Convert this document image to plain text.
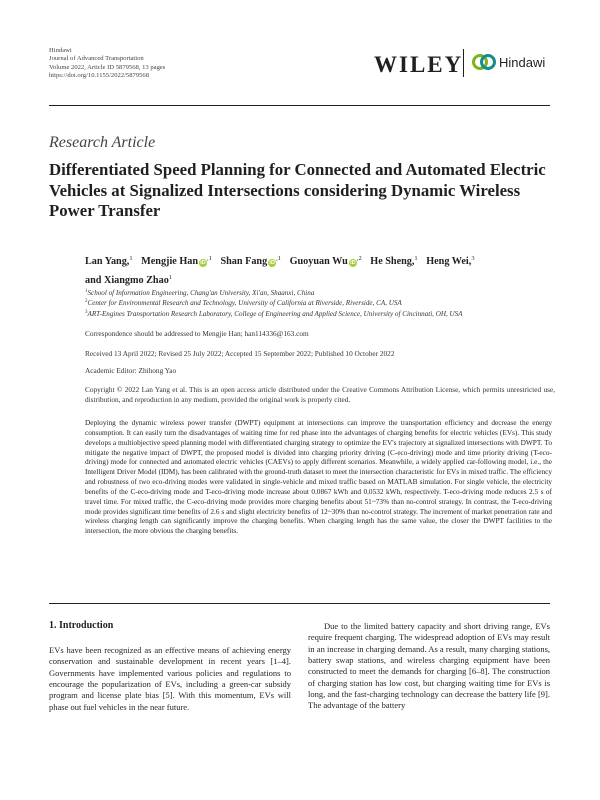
Hindawi
Journal of Advanced Transportation
Volume 2022, Article ID 5879568, 13 pages
https://doi.org/10.1155/2022/5879568	WILEY	Hindawi
Research Article
Differentiated Speed Planning for Connected and Automated Electric Vehicles at Signalized Intersections considering Dynamic Wireless Power Transfer
Lan Yang,$^1$ Mengjie Han $iD^{,1}$ Shan Fang $iD^{,1}$ Guoyuan Wu $iD^{,2}$ He Sheng,$^1$ Heng Wei,$^3$
and Xiangmo Zhao$^1$
$^1$School of Information Engineering, Chang'an University, Xi'an, Shaanxi, China
$^2$Center for Environmental Research and Technology, University of California at Riverside, Riverside, CA, USA
$^3$ART-Engines Transportation Research Laboratory, College of Engineering and Applied Science, University of Cincinnati, OH, USA
Correspondence should be addressed to Mengjie Han; han114336@163.com
Received 13 April 2022; Revised 25 July 2022; Accepted 15 September 2022; Published 10 October 2022
Academic Editor: Zhihong Yao
Copyright © 2022 Lan Yang et al. This is an open access article distributed under the Creative Commons Attribution License, which permits unrestricted use, distribution, and reproduction in any medium, provided the original work is properly cited.
Deploying the dynamic wireless power transfer (DWPT) equipment at intersections can improve the transportation efficiency and decrease the energy consumption. It can easily turn the disadvantages of waiting time for red phase into the advantages of charging benefits for electric vehicles (EVs). This study develops a multiobjective speed planning model with differentiated charging strategy to optimize the EV's trajectory at signalized intersections with DWPT. To mitigate the negative impact of DWPT, the proposed model is divided into charging priority driving (C-eco-driving) mode and time priority driving (T-eco-driving) mode for connected and automated electric vehicles (CAEVs) to apply different scenarios. Meanwhile, a widely applied car-following model, i.e., the Intelligent Driver Model (IDM), has been calibrated with the ground-truth dataset to meet the intersection characteristic for EVs in mixed traffic. The efficiency and robustness of two eco-driving modes were validated in single-vehicle and mixed traffic based on MATLAB simulation. For single vehicle, the electricity benefits of the C-eco-driving mode and T-eco-driving mode increase about 0.0867 kWh and 0.0532 kWh, respectively. T-eco-driving mode reduces 2.5 s of travel time. For mixed traffic, the C-eco-driving mode provides more charging benefits about 51~73% than no-control strategy. In contrast, the T-eco-driving mode provides significant time benefits of 2.6 s and slight electricity benefits of 12~30% than no-control strategy. The increment of market penetration rate and wireless charging length can significantly improve the charging benefits. When charging length has the same value, the closer the DWPT facilities to the intersection, the more obvious the charging benefits.
1. Introduction
EVs have been recognized as an effective means of achieving energy conservation and sustainable development in recent years [1–4]. Governments have implemented various policies and regulations to encourage the popularization of EVs, including a green-car subsidy program and license plate bias [5]. With this momentum, EVs will phase out fuel vehicles in the near future.
Due to the limited battery capacity and short driving range, EVs require frequent charging. The widespread adoption of EVs may result in an increase in charging demand. As a result, many charging stations, battery swap stations, and wireless charging equipment have been constructed to meet the demands for charging [6–8]. The construction of charging station has low cost, but charging waiting time for EVs is long, and the fast-charging technology can decrease the battery life [9]. The advantage of the battery
